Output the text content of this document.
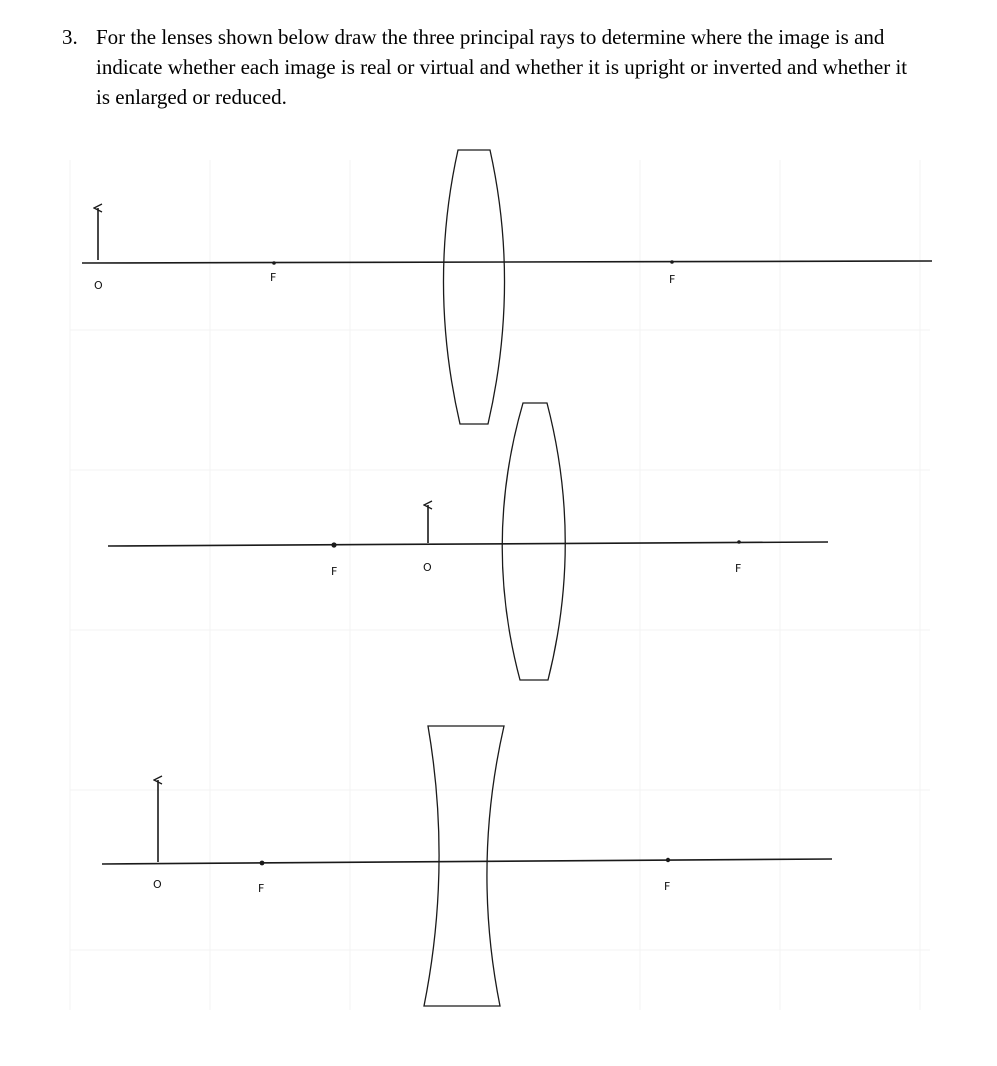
3. For the lenses shown below draw the three principal rays to determine where the image is and indicate whether each image is real or virtual and whether it is upright or inverted and whether it is enlarged or reduced.
O
F	F
O
F	F
O	F	F
